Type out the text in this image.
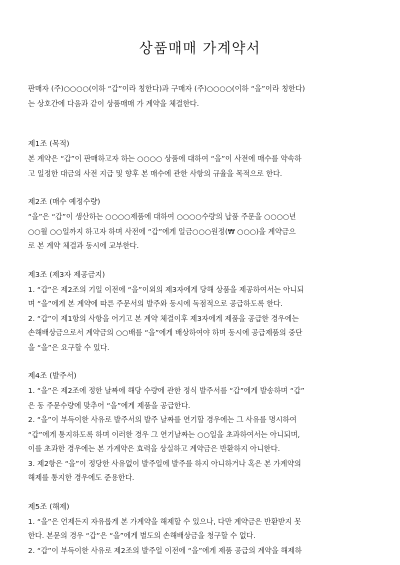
상품매매 가계약서

판매자 (주)○○○○(이하 “갑”이라 칭한다)과 구매자 (주)○○○○(이하 “을”이라 칭한다)

는 상호간에 다음과 같이 상품매매 가 계약을 체결한다.

제1조 (목적)

본 계약은 “갑”이 판매하고자 하는 ○○○○ 상품에 대하여 “을”이 사전에 매수를 약속하

고 일정한 대금의 사전 지급 및 향후 본 매수에 관한 사항의 규율을 목적으로 한다.

제2조 (매수 예정수량)

“을”은 “갑”이 생산하는 ○○○○제품에 대하여 ○○○○수량의 납품 주문을 ○○○○년

○○월 ○○일까지 하고자 하며 사전에 “갑”에게 일금○○○원정(₩ ○○○)을 계약금으

로 본 계약 체결과 동시에 교부한다.

제3조 (제3자 제공금지)

1. “갑”은 제2조의 기일 이전에 “을”이외의 제3자에게 당해 상품을 제공하여서는 아니되

며 “을”에게 본 계약에 따른 주문서의 발주와 동시에 독점적으로 공급하도록 한다.

2. “갑”이 제1항의 사항을 어기고 본 계약 체결이후 제3자에게 제품을 공급한 경우에는

손해배상금으로서 계약금의 ○○배를 “을”에게 배상하여야 하며 동시에 공급제품의 중단

을 “을”은 요구할 수 있다.

제4조 (발주서)

1. “을”은 제2조에 정한 날짜에 해당 수량에 관한 정식 발주서를 “갑”에게 발송하며 “갑”

은 동 주문수량에 맞추어 “을”에게 제품을 공급한다.

2. “을”이 부득이한 사유로 발주서의 발주 날짜를 연기할 경우에는 그 사유를 명시하여

“갑”에게 통지하도록 하며 이러한 경우 그 연기날짜는 ○○일을 초과하여서는 아니되며,

이를 초과한 경우에는 본 가계약은 효력을 상실하고 계약금은 반환하지 아니한다.

3. 제2항은 “을”이 정당한 사유없이 발주일에 발주를 하지 아니하거나 혹은 본 가계약의

해제를 통지한 경우에도 준용한다.

제5조 (해제)

1. “을”은 언제든지 자유롭게 본 가계약을 해제할 수 있으나, 다만 계약금은 반환받지 못

한다. 본문의 경우 “갑”은 “을”에게 별도의 손해배상금을 청구할 수 없다.

2. “갑”이 부득이한 사유로 제2조의 발주일 이전에 “을”에게 제품 공급의 계약을 해제하
